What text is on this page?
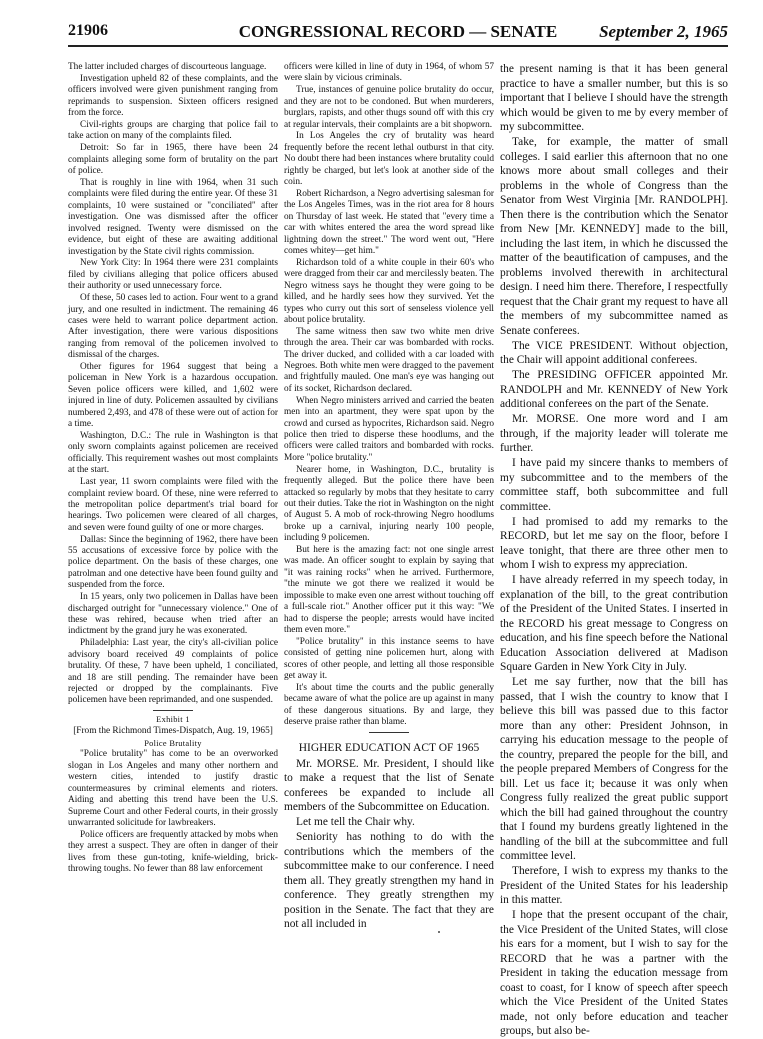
21906	CONGRESSIONAL RECORD — SENATE	September 2, 1965

The latter included charges of discourteous language.

Investigation upheld 82 of these complaints, and the officers involved were given punishment ranging from reprimands to suspension. Sixteen officers resigned from the force.

Civil-rights groups are charging that police fail to take action on many of the complaints filed.

Detroit: So far in 1965, there have been 24 complaints alleging some form of brutality on the part of police.

That is roughly in line with 1964, when 31 such complaints were filed during the entire year. Of these 31 complaints, 10 were sustained or "conciliated" after investigation. One was dismissed after the officer involved resigned. Twenty were dismissed on the evidence, but eight of these are awaiting additional investigation by the State civil rights commission.

New York City: In 1964 there were 231 complaints filed by civilians alleging that police officers abused their authority or used unnecessary force.

Of these, 50 cases led to action. Four went to a grand jury, and one resulted in indictment. The remaining 46 cases were held to warrant police department action. After investigation, there were various dispositions ranging from removal of the policemen involved to dismissal of the charges.

Other figures for 1964 suggest that being a policeman in New York is a hazardous occupation. Seven police officers were killed, and 1,602 were injured in line of duty. Policemen assaulted by civilians numbered 2,493, and 478 of these were out of action for a time.

Washington, D.C.: The rule in Washington is that only sworn complaints against policemen are received officially. This requirement washes out most complaints at the start.

Last year, 11 sworn complaints were filed with the complaint review board. Of these, nine were referred to the metropolitan police department's trial board for hearings. Two policemen were cleared of all charges, and seven were found guilty of one or more charges.

Dallas: Since the beginning of 1962, there have been 55 accusations of excessive force by police with the police department. On the basis of these charges, one patrolman and one detective have been found guilty and suspended from the force.

In 15 years, only two policemen in Dallas have been discharged outright for "unnecessary violence." One of these was rehired, because when tried after an indictment by the grand jury he was exonerated.

Philadelphia: Last year, the city's all-civilian police advisory board received 49 complaints of police brutality. Of these, 7 have been upheld, 1 conciliated, and 18 are still pending. The remainder have been rejected or dropped by the complainants. Five policemen have been reprimanded, and one suspended.

Exhibit 1

[From the Richmond Times-Dispatch, Aug. 19, 1965]

Police Brutality

"Police brutality" has come to be an overworked slogan in Los Angeles and many other northern and western cities, intended to justify drastic countermeasures by criminal elements and rioters. Aiding and abetting this trend have been the U.S. Supreme Court and other Federal courts, in their grossly unwarranted solicitude for lawbreakers.

Police officers are frequently attacked by mobs when they arrest a suspect. They are often in danger of their lives from these gun-toting, knife-wielding, brick-throwing toughs. No fewer than 88 law enforcement

officers were killed in line of duty in 1964, of whom 57 were slain by vicious criminals.

True, instances of genuine police brutality do occur, and they are not to be condoned. But when murderers, burglars, rapists, and other thugs sound off with this cry at regular intervals, their complaints are a bit shopworn.

In Los Angeles the cry of brutality was heard frequently before the recent lethal outburst in that city. No doubt there had been instances where brutality could rightly be charged, but let's look at another side of the coin.

Robert Richardson, a Negro advertising salesman for the Los Angeles Times, was in the riot area for 8 hours on Thursday of last week. He stated that "every time a car with whites entered the area the word spread like lightning down the street." The word went out, "Here comes whitey—get him."

Richardson told of a white couple in their 60's who were dragged from their car and mercilessly beaten. The Negro witness says he thought they were going to be killed, and he hardly sees how they survived. Yet the types who curry out this sort of senseless violence yell about police brutality.

The same witness then saw two white men drive through the area. Their car was bombarded with rocks. The driver ducked, and collided with a car loaded with Negroes. Both white men were dragged to the pavement and frightfully mauled. One man's eye was hanging out of its socket, Richardson declared.

When Negro ministers arrived and carried the beaten men into an apartment, they were spat upon by the crowd and cursed as hypocrites, Richardson said. Negro police then tried to disperse these hoodlums, and the officers were called traitors and bombarded with rocks. More "police brutality."

Nearer home, in Washington, D.C., brutality is frequently alleged. But the police there have been attacked so regularly by mobs that they hesitate to carry out their duties. Take the riot in Washington on the night of August 5. A mob of rock-throwing Negro hoodlums broke up a carnival, injuring nearly 100 people, including 9 policemen.

But here is the amazing fact: not one single arrest was made. An officer sought to explain by saying that "it was raining rocks" when he arrived. Furthermore, "the minute we got there we realized it would be impossible to make even one arrest without touching off a full-scale riot." Another officer put it this way: "We had to disperse the people; arrests would have incited them even more."

"Police brutality" in this instance seems to have consisted of getting nine policemen hurt, along with scores of other people, and letting all those responsible get away it.

It's about time the courts and the public generally became aware of what the police are up against in many of these dangerous situations. By and large, they deserve praise rather than blame.

HIGHER EDUCATION ACT OF 1965

Mr. MORSE. Mr. President, I should like to make a request that the list of Senate conferees be expanded to include all members of the Subcommittee on Education.

Let me tell the Chair why.

Seniority has nothing to do with the contributions which the members of the subcommittee make to our conference. I need them all. They greatly strengthen my hand in conference. They greatly strengthen my position in the Senate. The fact that they are not all included in

the present naming is that it has been general practice to have a smaller number, but this is so important that I believe I should have the strength which would be given to me by every member of my subcommittee.

Take, for example, the matter of small colleges. I said earlier this afternoon that no one knows more about small colleges and their problems in the whole of Congress than the Senator from West Virginia [Mr. RANDOLPH]. Then there is the contribution which the Senator from New [Mr. KENNEDY] made to the bill, including the last item, in which he discussed the matter of the beautification of campuses, and the problems involved therewith in architectural design. I need him there. Therefore, I respectfully request that the Chair grant my request to have all the members of my subcommittee named as Senate conferees.

The VICE PRESIDENT. Without objection, the Chair will appoint additional conferees.

The PRESIDING OFFICER appointed Mr. RANDOLPH and Mr. KENNEDY of New York additional conferees on the part of the Senate.

Mr. MORSE. One more word and I am through, if the majority leader will tolerate me further.

I have paid my sincere thanks to members of my subcommittee and to the members of the committee staff, both subcommittee and full committee.

I had promised to add my remarks to the RECORD, but let me say on the floor, before I leave tonight, that there are three other men to whom I wish to express my appreciation.

I have already referred in my speech today, in explanation of the bill, to the great contribution of the President of the United States. I inserted in the RECORD his great message to Congress on education, and his fine speech before the National Education Association delivered at Madison Square Garden in New York City in July.

Let me say further, now that the bill has passed, that I wish the country to know that I believe this bill was passed due to this factor more than any other: President Johnson, in carrying his education message to the people of the country, prepared the people for the bill, and the people prepared Members of Congress for the bill. Let us face it; because it was only when Congress fully realized the great public support which the bill had gained throughout the country that I found my burdens greatly lightened in the handling of the bill at the subcommittee and full committee level.

Therefore, I wish to express my thanks to the President of the United States for his leadership in this matter.

I hope that the present occupant of the chair, the Vice President of the United States, will close his ears for a moment, but I wish to say for the RECORD that he was a partner with the President in taking the education message from coast to coast, for I know of speech after speech which the Vice President of the United States made, not only before education and teacher groups, but also be-
